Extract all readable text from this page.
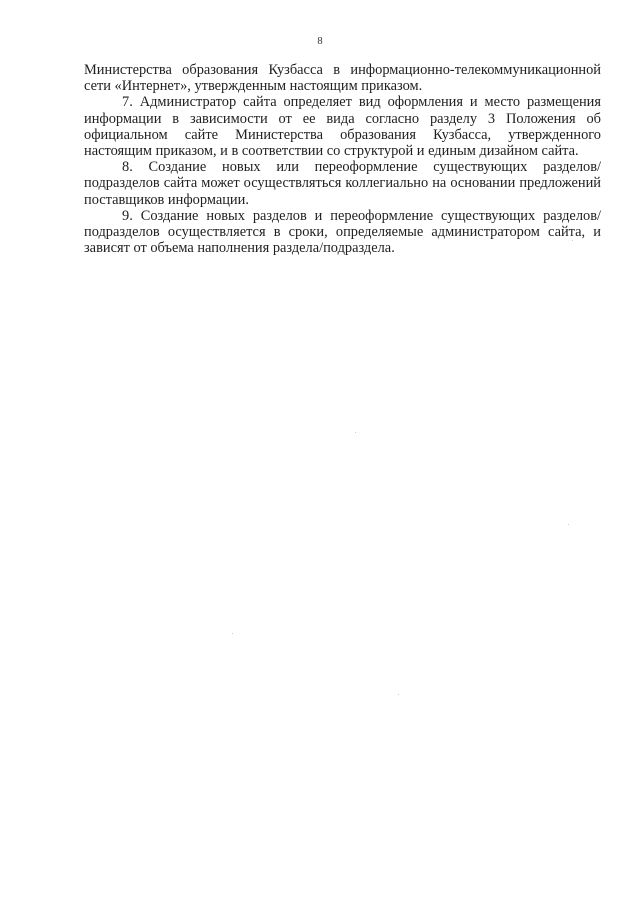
8

Министерства образования Кузбасса в информационно-телекоммуникационной сети «Интернет», утвержденным настоящим приказом.

7. Администратор сайта определяет вид оформления и место размещения информации в зависимости от ее вида согласно разделу 3 Положения об официальном сайте Министерства образования Кузбасса, утвержденного настоящим приказом, и в соответствии со структурой и единым дизайном сайта.

8. Создание новых или переоформление существующих разделов/подразделов сайта может осуществляться коллегиально на основании предложений поставщиков информации.

9. Создание новых разделов и переоформление существующих разделов/подразделов осуществляется в сроки, определяемые администратором сайта, и зависят от объема наполнения раздела/подраздела.
